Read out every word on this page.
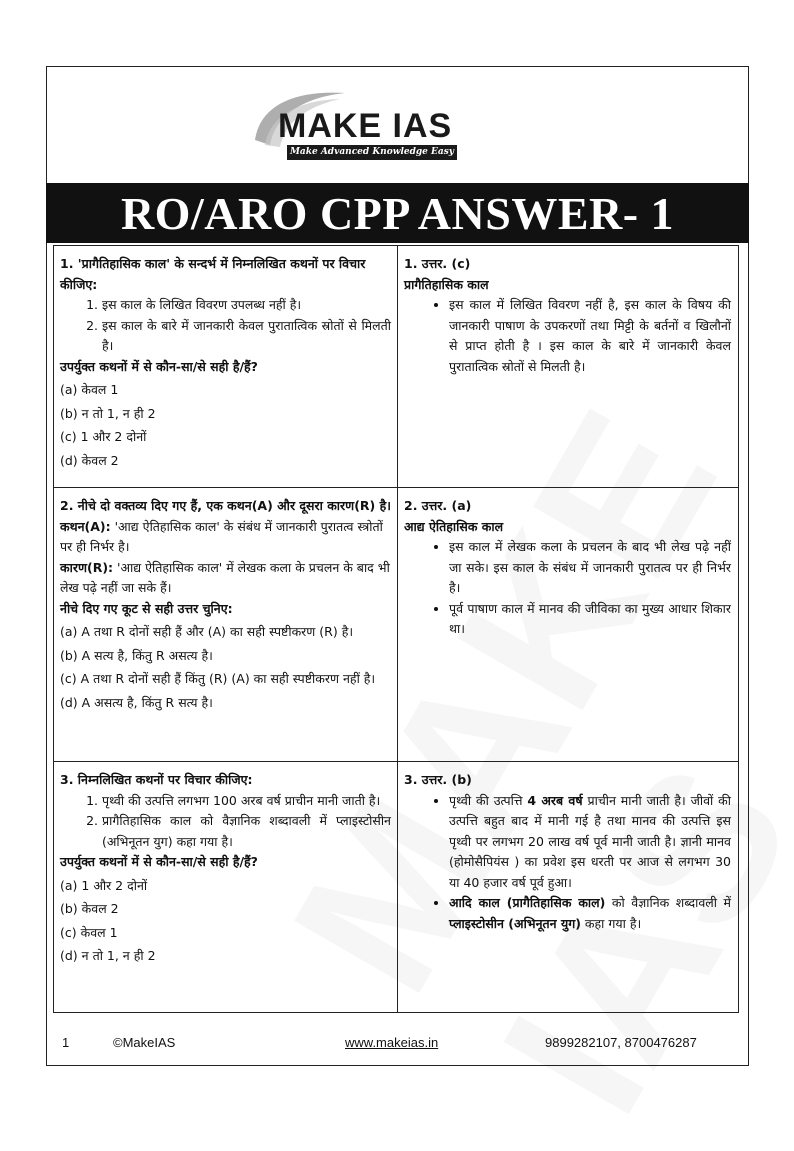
MAKE IAS
Make Advanced Knowledge Easy
RO/ARO CPP ANSWER- 1
1. 'प्रागैतिहासिक काल' के सन्दर्भ में निम्नलिखित कथनों पर विचार कीजिए:
1. इस काल के लिखित विवरण उपलब्ध नहीं है।
2. इस काल के बारे में जानकारी केवल पुरातात्विक स्रोतों से मिलती है।
उपर्युक्त कथनों में से कौन-सा/से सही है/हैं?
(a) केवल 1
(b) न तो 1, न ही 2
(c) 1 और 2 दोनों
(d) केवल 2
1. उत्तर. (c)
प्रागैतिहासिक काल
• इस काल में लिखित विवरण नहीं है, इस काल के विषय की जानकारी पाषाण के उपकरणों तथा मिट्टी के बर्तनों व खिलौनों से प्राप्त होती है । इस काल के बारे में जानकारी केवल पुरातात्विक स्रोतों से मिलती है।
2. नीचे दो वक्तव्य दिए गए हैं, एक कथन(A) और दूसरा कारण(R) है।
कथन(A): 'आद्य ऐतिहासिक काल' के संबंध में जानकारी पुरातत्व स्त्रोतों पर ही निर्भर है।
कारण(R): 'आद्य ऐतिहासिक काल' में लेखक कला के प्रचलन के बाद भी लेख पढ़े नहीं जा सके हैं।
नीचे दिए गए कूट से सही उत्तर चुनिए:
(a) A तथा R दोनों सही हैं और (A) का सही स्पष्टीकरण (R) है।
(b) A सत्य है, किंतु R असत्य है।
(c) A तथा R दोनों सही हैं किंतु (R) (A) का सही स्पष्टीकरण नहीं है।
(d) A असत्य है, किंतु R सत्य है।
2. उत्तर. (a)
आद्य ऐतिहासिक काल
• इस काल में लेखक कला के प्रचलन के बाद भी लेख पढ़े नहीं जा सके। इस काल के संबंध में जानकारी पुरातत्व पर ही निर्भर है।
• पूर्व पाषाण काल में मानव की जीविका का मुख्य आधार शिकार था।
3. निम्नलिखित कथनों पर विचार कीजिए:
1. पृथ्वी की उत्पत्ति लगभग 100 अरब वर्ष प्राचीन मानी जाती है।
2. प्रागैतिहासिक काल को वैज्ञानिक शब्दावली में प्लाइस्टोसीन (अभिनूतन युग) कहा गया है।
उपर्युक्त कथनों में से कौन-सा/से सही है/हैं?
(a) 1 और 2 दोनों
(b) केवल 2
(c) केवल 1
(d) न तो 1, न ही 2
3. उत्तर. (b)
• पृथ्वी की उत्पत्ति 4 अरब वर्ष प्राचीन मानी जाती है। जीवों की उत्पत्ति बहुत बाद में मानी गई है तथा मानव की उत्पत्ति इस पृथ्वी पर लगभग 20 लाख वर्ष पूर्व मानी जाती है। ज्ञानी मानव (होमोसैपियंस ) का प्रवेश इस धरती पर आज से लगभग 30 या 40 हजार वर्ष पूर्व हुआ।
• आदि काल (प्रागैतिहासिक काल) को वैज्ञानिक शब्दावली में प्लाइस्टोसीन (अभिनूतन युग) कहा गया है।
1	©MakeIAS	www.makeias.in	9899282107, 8700476287
